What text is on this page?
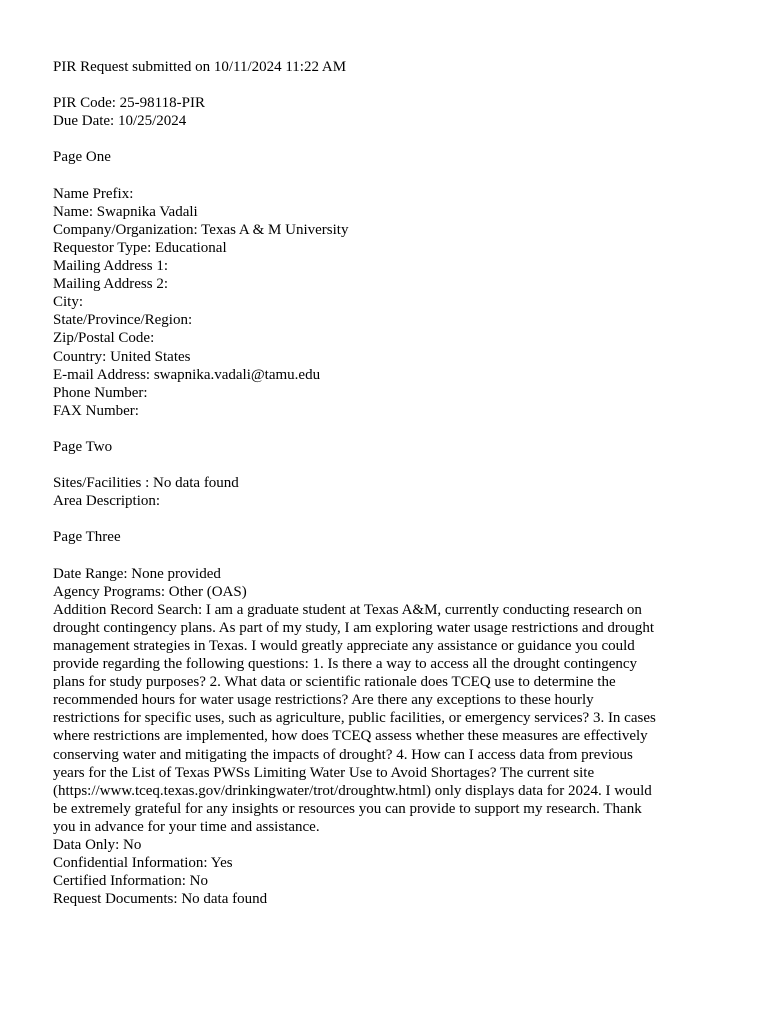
PIR Request submitted on 10/11/2024 11:22 AM
PIR Code: 25-98118-PIR
Due Date: 10/25/2024
Page One
Name Prefix:
Name: Swapnika Vadali
Company/Organization: Texas A & M University
Requestor Type: Educational
Mailing Address 1:
Mailing Address 2:
City:
State/Province/Region:
Zip/Postal Code:
Country: United States
E-mail Address: swapnika.vadali@tamu.edu
Phone Number:
FAX Number:
Page Two
Sites/Facilities : No data found
Area Description:
Page Three
Date Range: None provided
Agency Programs: Other (OAS)
Addition Record Search: I am a graduate student at Texas A&M, currently conducting research on
drought contingency plans. As part of my study, I am exploring water usage restrictions and drought
management strategies in Texas. I would greatly appreciate any assistance or guidance you could
provide regarding the following questions: 1. Is there a way to access all the drought contingency
plans for study purposes? 2. What data or scientific rationale does TCEQ use to determine the
recommended hours for water usage restrictions? Are there any exceptions to these hourly
restrictions for specific uses, such as agriculture, public facilities, or emergency services? 3. In cases
where restrictions are implemented, how does TCEQ assess whether these measures are effectively
conserving water and mitigating the impacts of drought? 4. How can I access data from previous
years for the List of Texas PWSs Limiting Water Use to Avoid Shortages? The current site
(https://www.tceq.texas.gov/drinkingwater/trot/droughtw.html) only displays data for 2024. I would
be extremely grateful for any insights or resources you can provide to support my research. Thank
you in advance for your time and assistance.
Data Only: No
Confidential Information: Yes
Certified Information: No
Request Documents: No data found
